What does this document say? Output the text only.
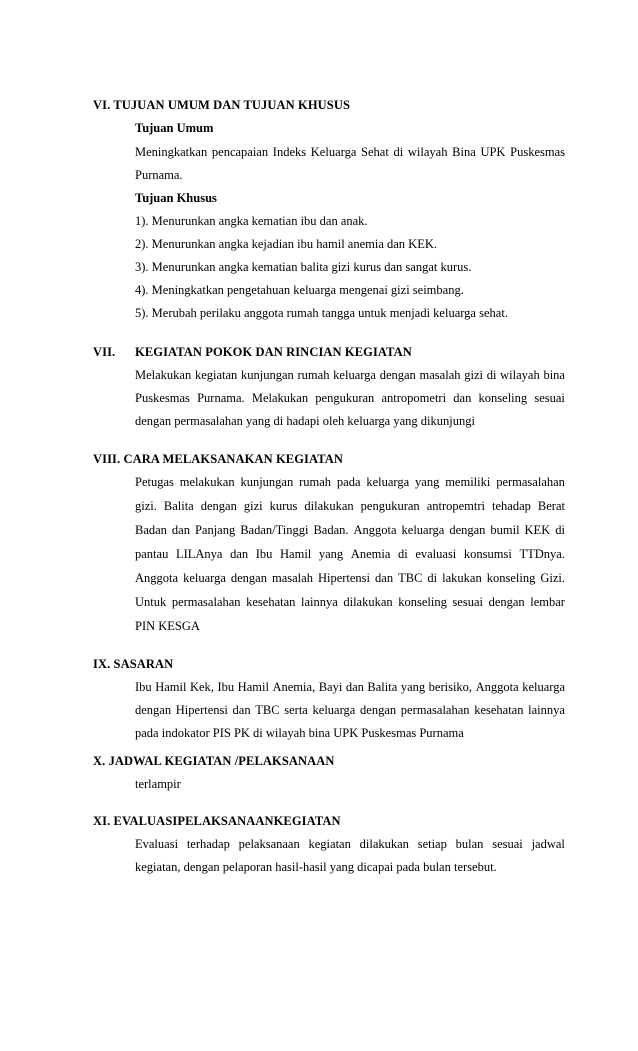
VI. TUJUAN UMUM DAN TUJUAN KHUSUS
Tujuan Umum
Meningkatkan pencapaian Indeks Keluarga Sehat di wilayah Bina UPK Puskesmas
Purnama.
Tujuan Khusus
1). Menurunkan angka kematian ibu dan anak.
2). Menurunkan angka kejadian ibu hamil anemia dan KEK.
3). Menurunkan angka kematian balita gizi kurus dan sangat kurus.
4). Meningkatkan pengetahuan keluarga mengenai gizi seimbang.
5). Merubah perilaku anggota rumah tangga untuk menjadi keluarga sehat.
VII. KEGIATAN POKOK DAN RINCIAN KEGIATAN
Melakukan kegiatan kunjungan rumah keluarga dengan masalah gizi di wilayah bina
Puskesmas Purnama. Melakukan pengukuran antropometri dan konseling sesuai
dengan permasalahan yang di hadapi oleh keluarga yang dikunjungi
VIII. CARA MELAKSANAKAN KEGIATAN
Petugas melakukan kunjungan rumah pada keluarga yang memiliki permasalahan
gizi. Balita dengan gizi kurus dilakukan pengukuran antropemtri tehadap Berat
Badan dan Panjang Badan/Tinggi Badan. Anggota keluarga dengan bumil KEK di
pantau LILAnya dan Ibu Hamil yang Anemia di evaluasi konsumsi TTDnya.
Anggota keluarga dengan masalah Hipertensi dan TBC di lakukan konseling Gizi.
Untuk permasalahan kesehatan lainnya dilakukan konseling sesuai dengan lembar
PIN KESGA
IX. SASARAN
Ibu Hamil Kek, Ibu Hamil Anemia, Bayi dan Balita yang berisiko, Anggota keluarga
dengan Hipertensi dan TBC serta keluarga dengan permasalahan kesehatan lainnya
pada indokator PIS PK di wilayah bina UPK Puskesmas Purnama
X. JADWAL KEGIATAN /PELAKSANAAN
terlampir
XI. EVALUASIPELAKSANAANKEGIATAN
Evaluasi terhadap pelaksanaan kegiatan dilakukan setiap bulan sesuai jadwal
kegiatan, dengan pelaporan hasil-hasil yang dicapai pada bulan tersebut.
